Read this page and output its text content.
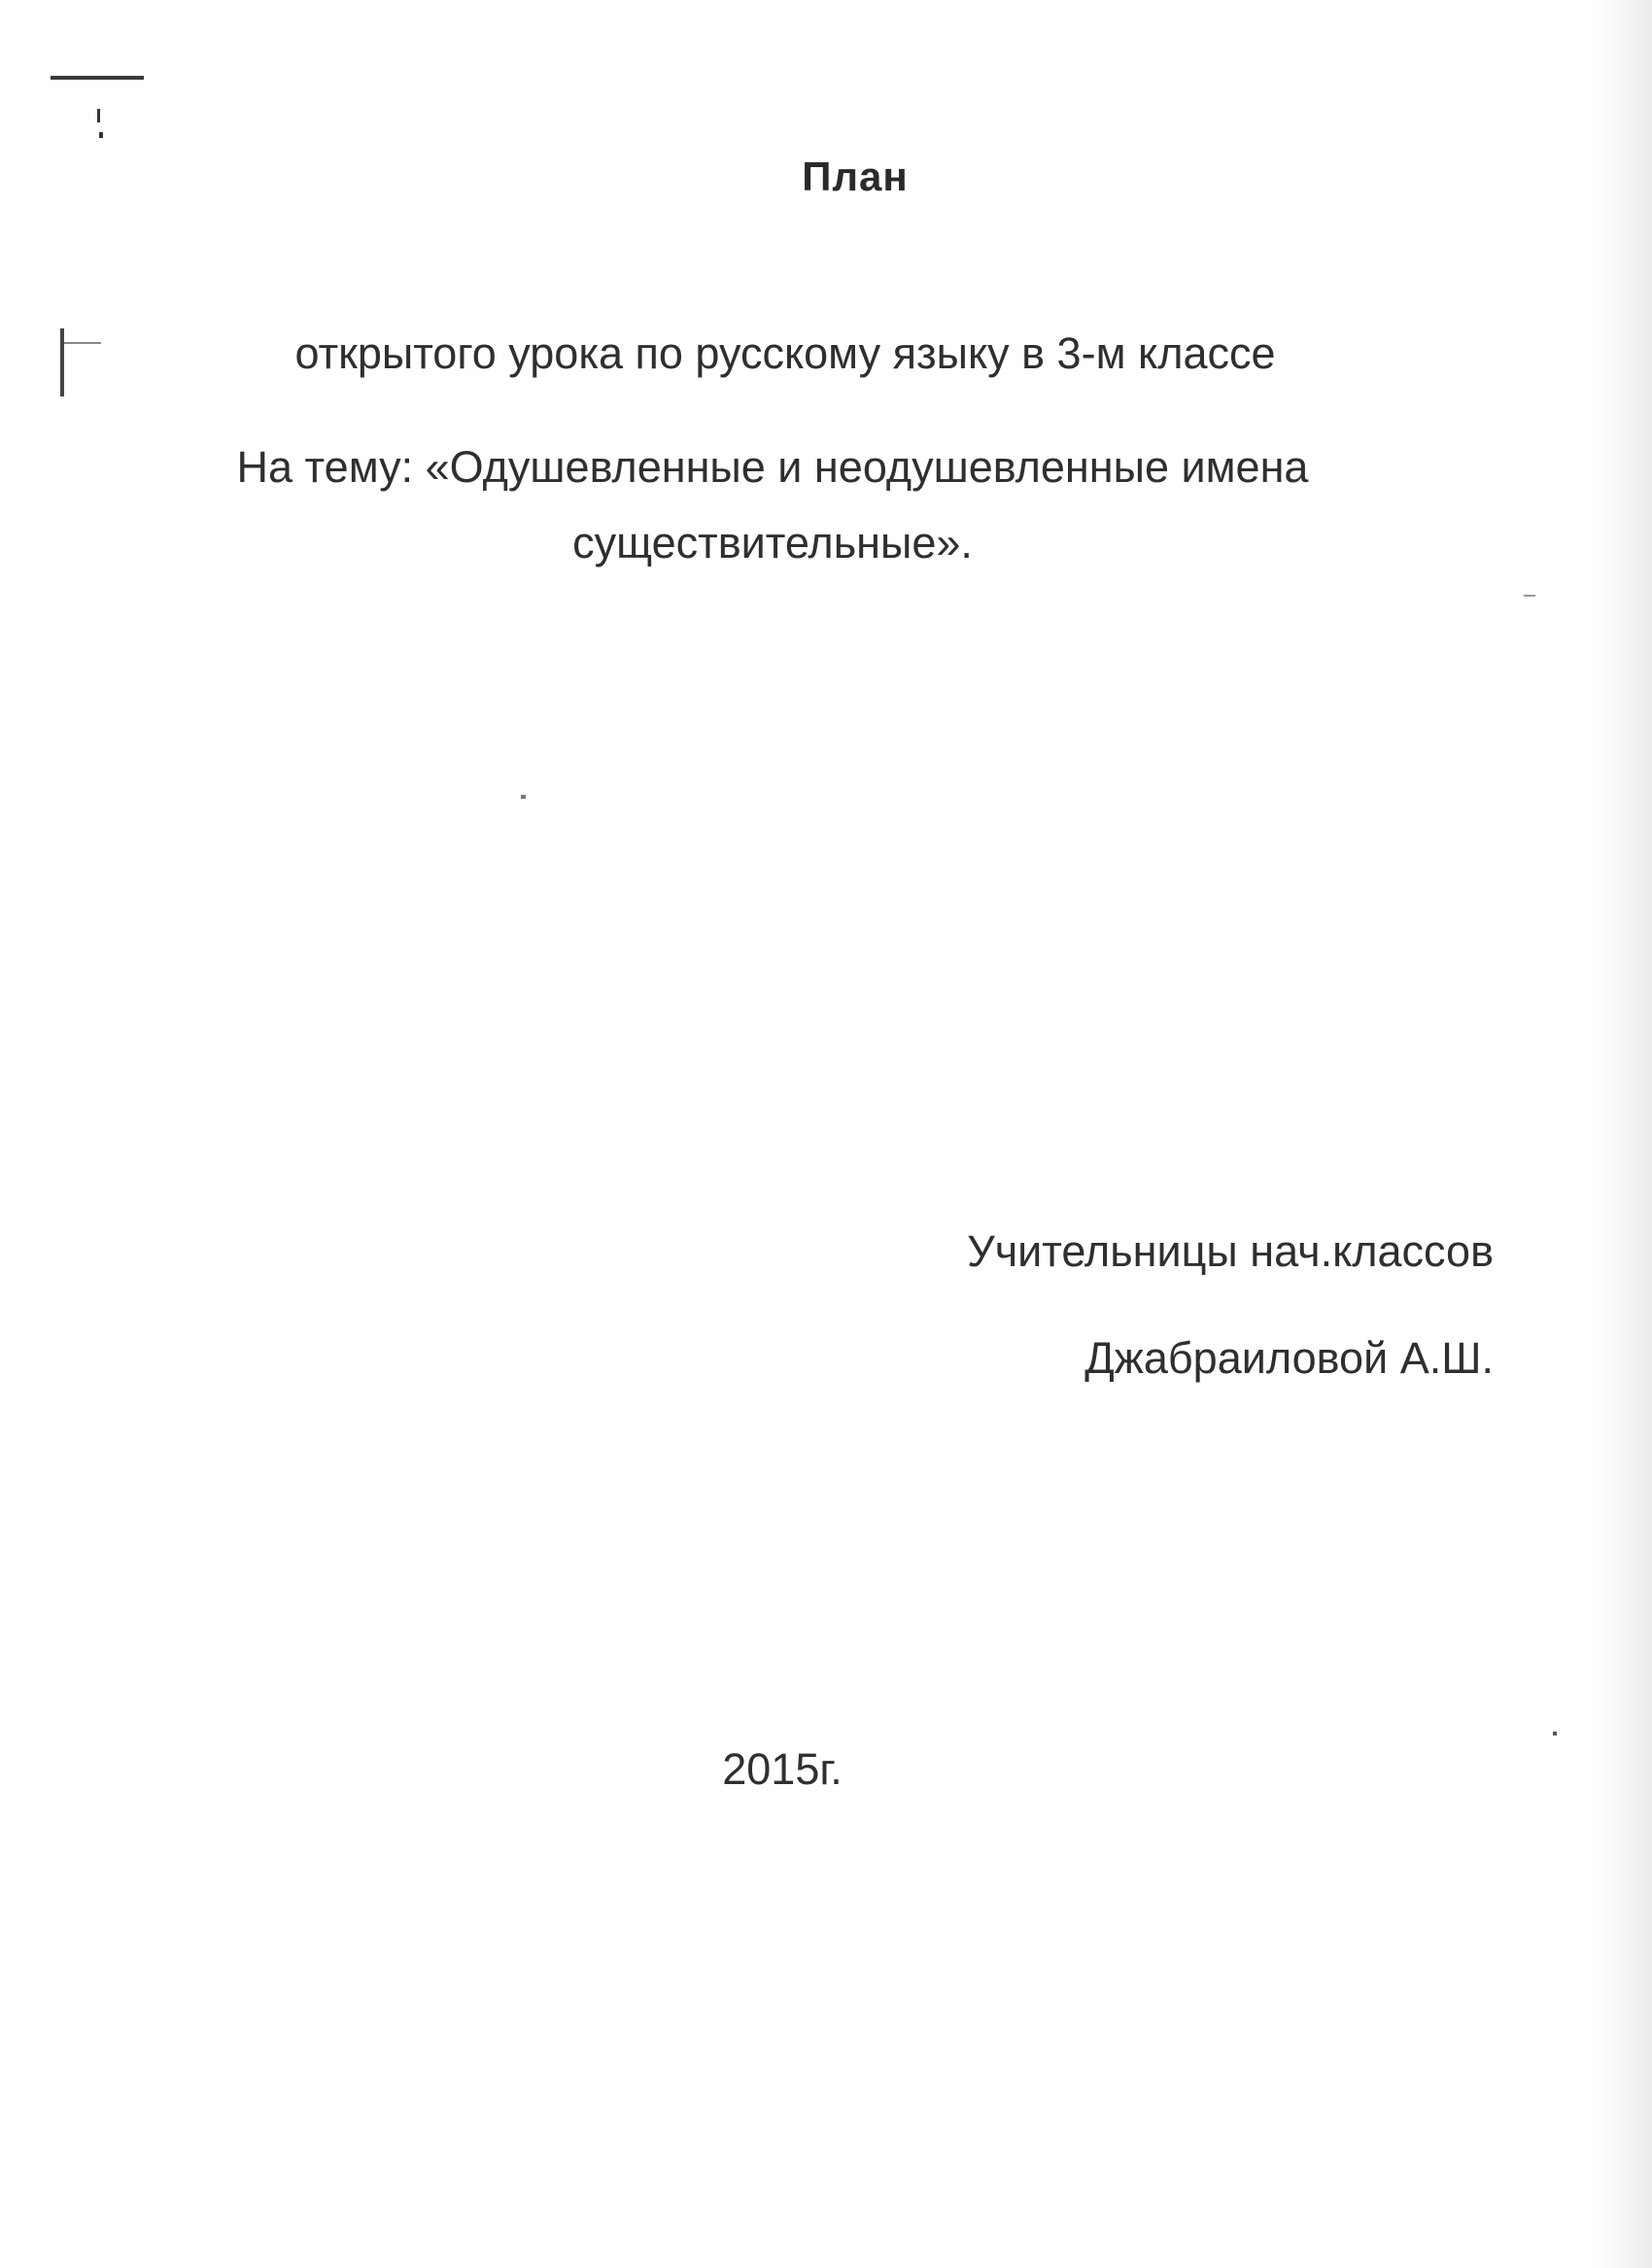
План
открытого урока по русскому языку в 3-м классе
На тему: «Одушевленные и неодушевленные имена
существительные».
Учительницы нач.классов
Джабраиловой А.Ш.
2015г.
